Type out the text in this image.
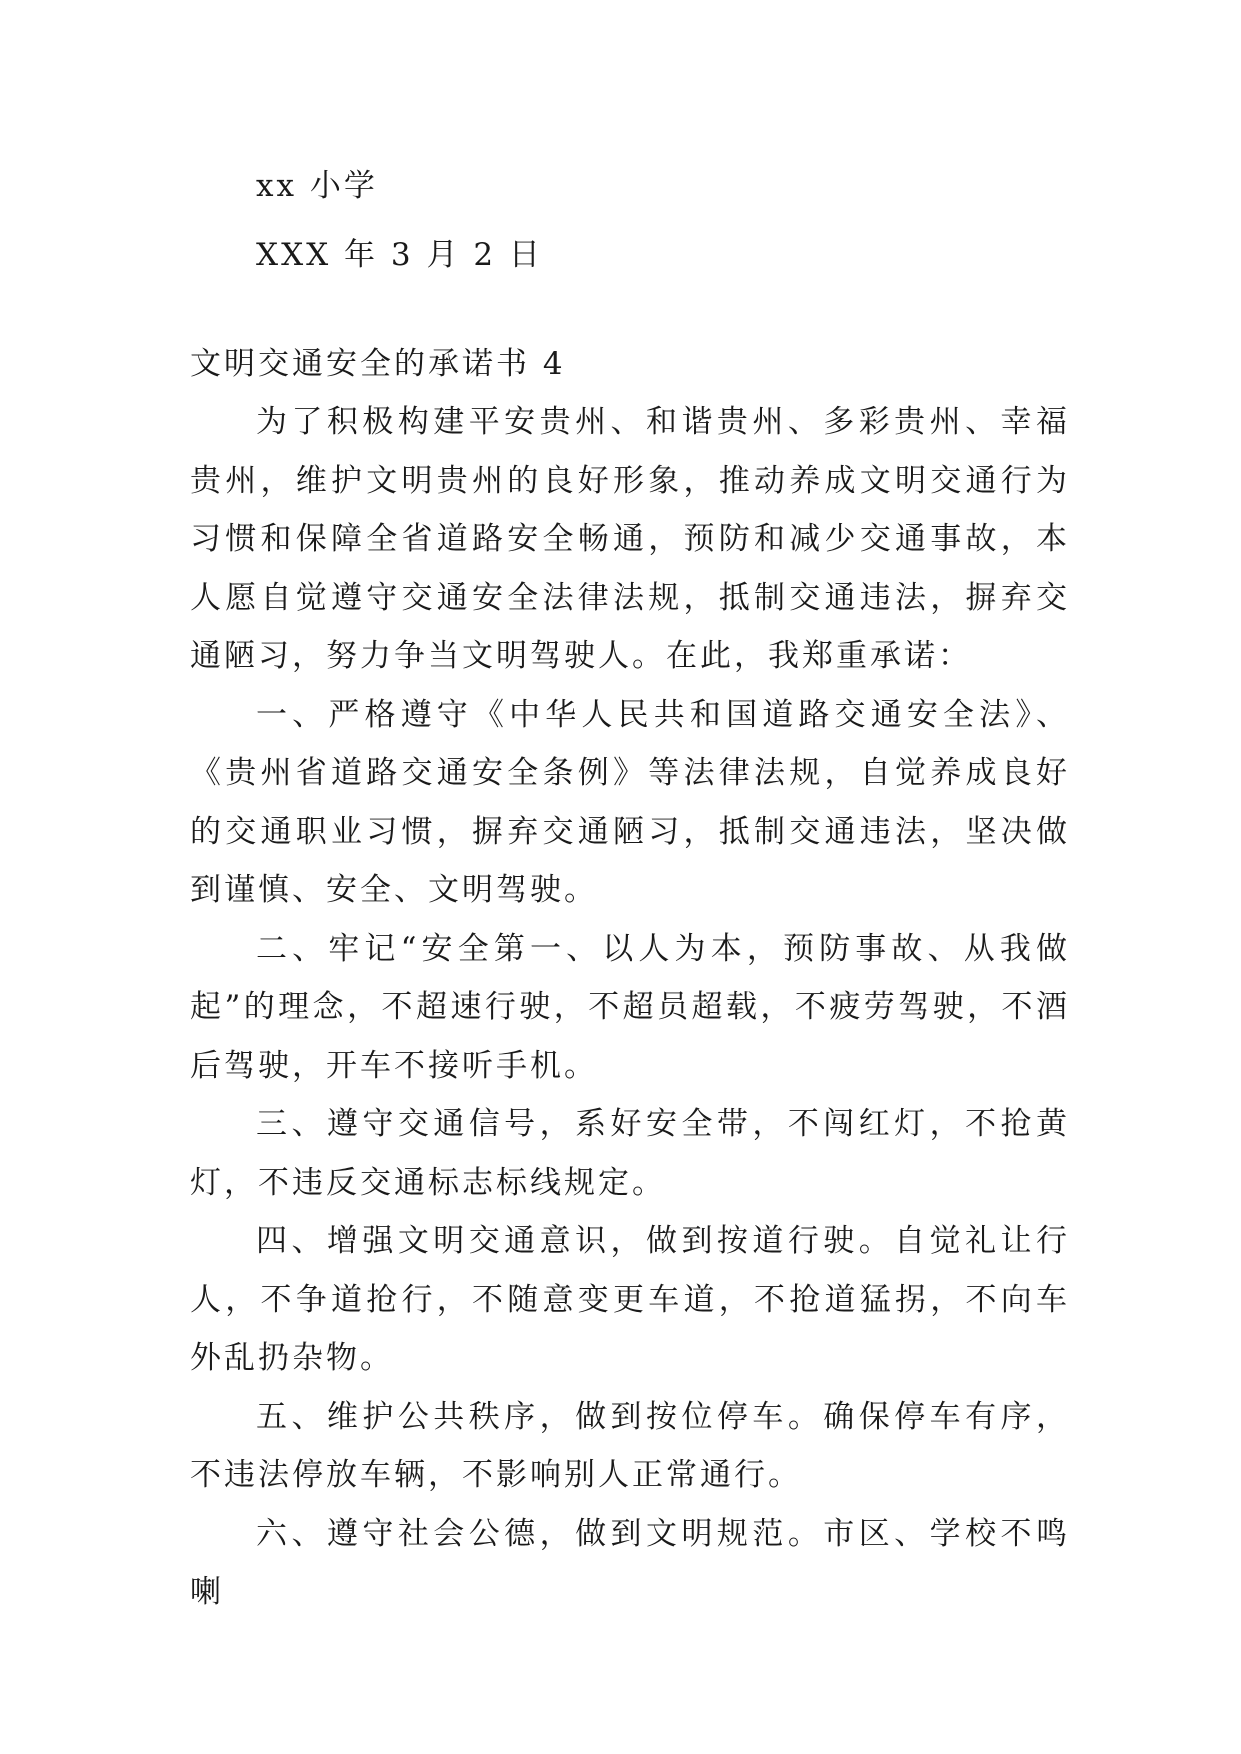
xx 小学

XXX 年 3 月 2 日

文明交通安全的承诺书 4

为了积极构建平安贵州、和谐贵州、多彩贵州、幸福贵州，维护文明贵州的良好形象，推动养成文明交通行为习惯和保障全省道路安全畅通，预防和减少交通事故，本人愿自觉遵守交通安全法律法规，抵制交通违法，摒弃交通陋习，努力争当文明驾驶人。在此，我郑重承诺：

一、严格遵守《中华人民共和国道路交通安全法》、《贵州省道路交通安全条例》等法律法规，自觉养成良好的交通职业习惯，摒弃交通陋习，抵制交通违法，坚决做到谨慎、安全、文明驾驶。

二、牢记“安全第一、以人为本，预防事故、从我做起”的理念，不超速行驶，不超员超载，不疲劳驾驶，不酒后驾驶，开车不接听手机。

三、遵守交通信号，系好安全带，不闯红灯，不抢黄灯，不违反交通标志标线规定。

四、增强文明交通意识，做到按道行驶。自觉礼让行人，不争道抢行，不随意变更车道，不抢道猛拐，不向车外乱扔杂物。

五、维护公共秩序，做到按位停车。确保停车有序，不违法停放车辆，不影响别人正常通行。

六、遵守社会公德，做到文明规范。市区、学校不鸣喇
